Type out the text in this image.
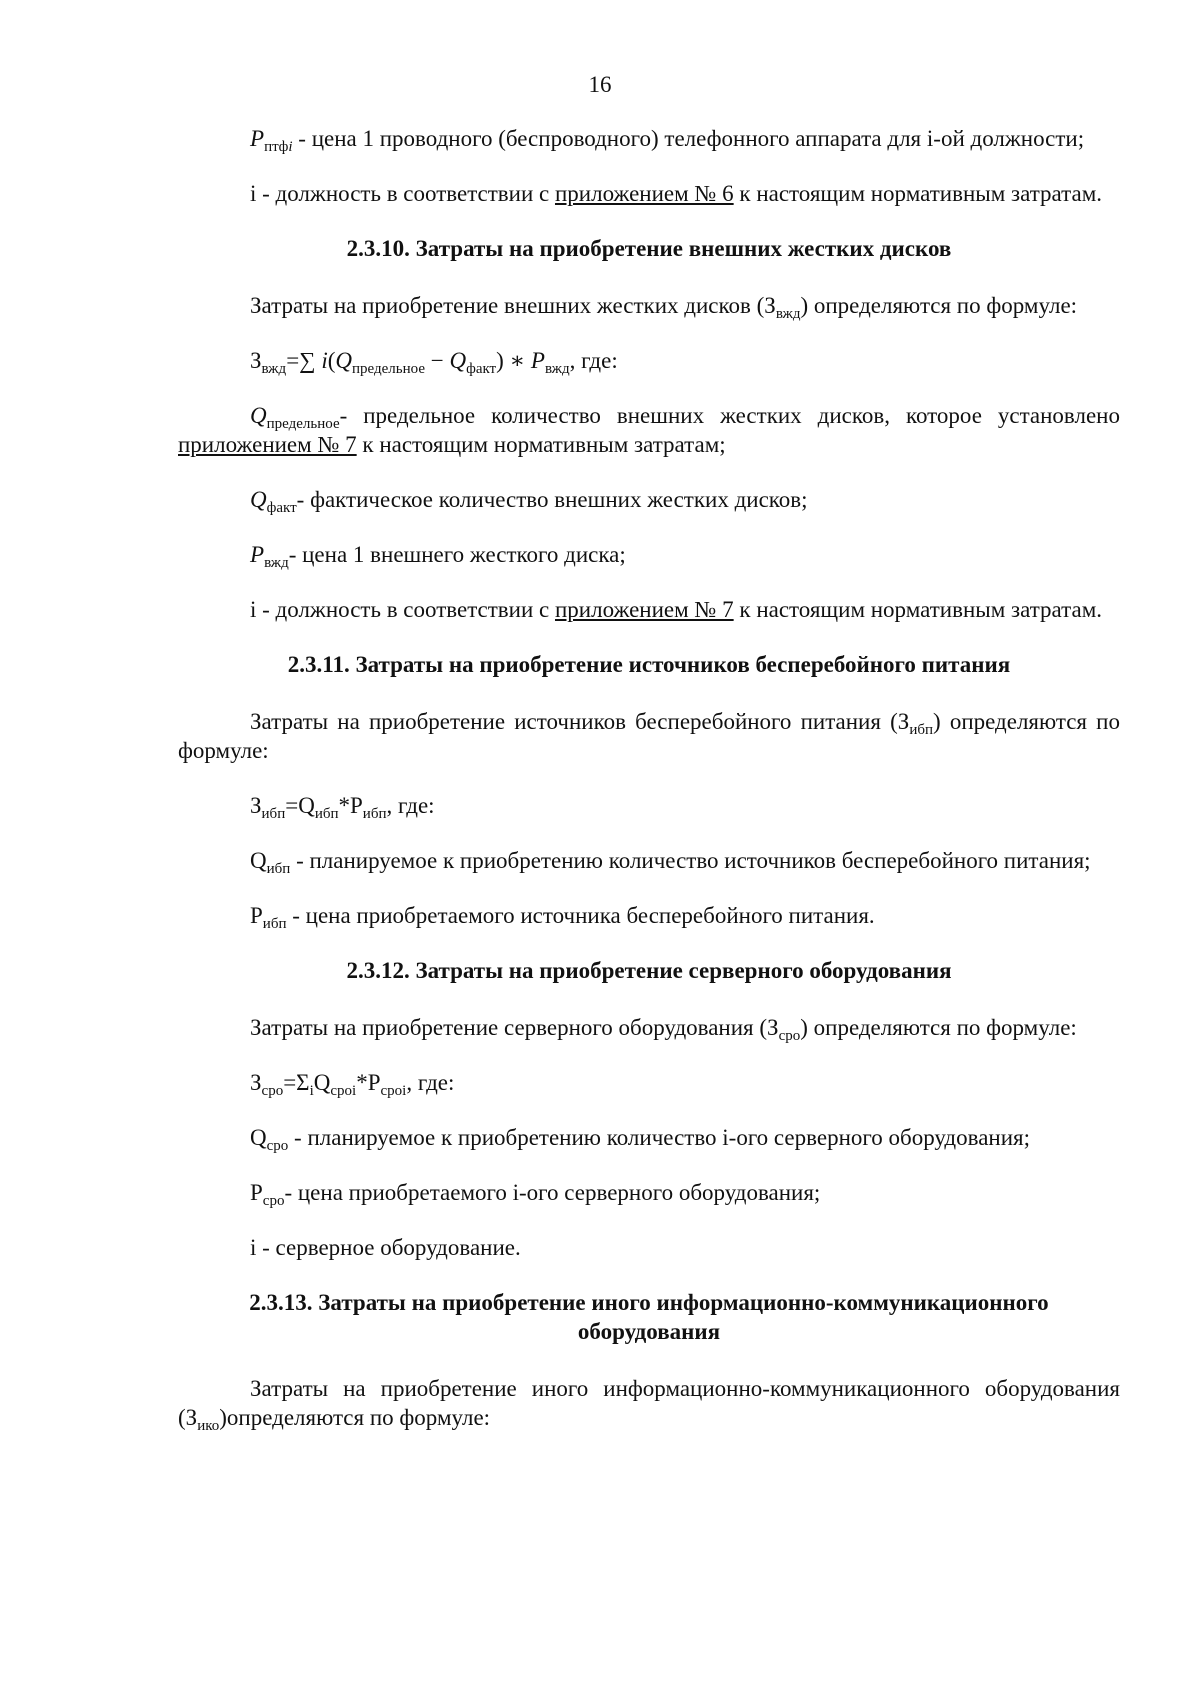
16

$P_{птфi}$ - цена 1 проводного (беспроводного) телефонного аппарата для i-ой должности;

i - должность в соответствии с приложением № 6 к настоящим нормативным затратам.

2.3.10. Затраты на приобретение внешних жестких дисков

Затраты на приобретение внешних жестких дисков $(З_{вжд})$ определяются по формуле:

$З_{вжд}=\sum$ $i(Q_{предельное} - Q_{факт})$ ∗ $P_{вжд}$, где:

$Q_{предельное}-$ предельное количество внешних жестких дисков, которое установлено приложением № 7 к настоящим нормативным затратам;

$Q_{факт}-$ фактическое количество внешних жестких дисков;

$P_{вжд}-$ цена 1 внешнего жесткого диска;

i - должность в соответствии с приложением № 7 к настоящим нормативным затратам.

2.3.11. Затраты на приобретение источников бесперебойного питания

Затраты на приобретение источников бесперебойного питания $(З_{ибп})$ определяются по формуле:

$З_{ибп}=Q_{ибп}*P_{ибп}$, где:

$Q_{ибп}$ - планируемое к приобретению количество источников бесперебойного питания;

$P_{ибп}$ - цена приобретаемого источника бесперебойного питания.

2.3.12. Затраты на приобретение серверного оборудования

Затраты на приобретение серверного оборудования $(З_{сро})$ определяются по формуле:

$З_{сро}=\Sigma_iQ_{сроi}*P_{сроi}$, где:

$Q_{сро}$ - планируемое к приобретению количество i-ого серверного оборудования;

$P_{сро}-$ цена приобретаемого i-ого серверного оборудования;

i - серверное оборудование.

2.3.13. Затраты на приобретение иного информационно-коммуникационного оборудования

Затраты на приобретение иного информационно-коммуникационного оборудования $(З_{ико})определяются$ по формуле:
